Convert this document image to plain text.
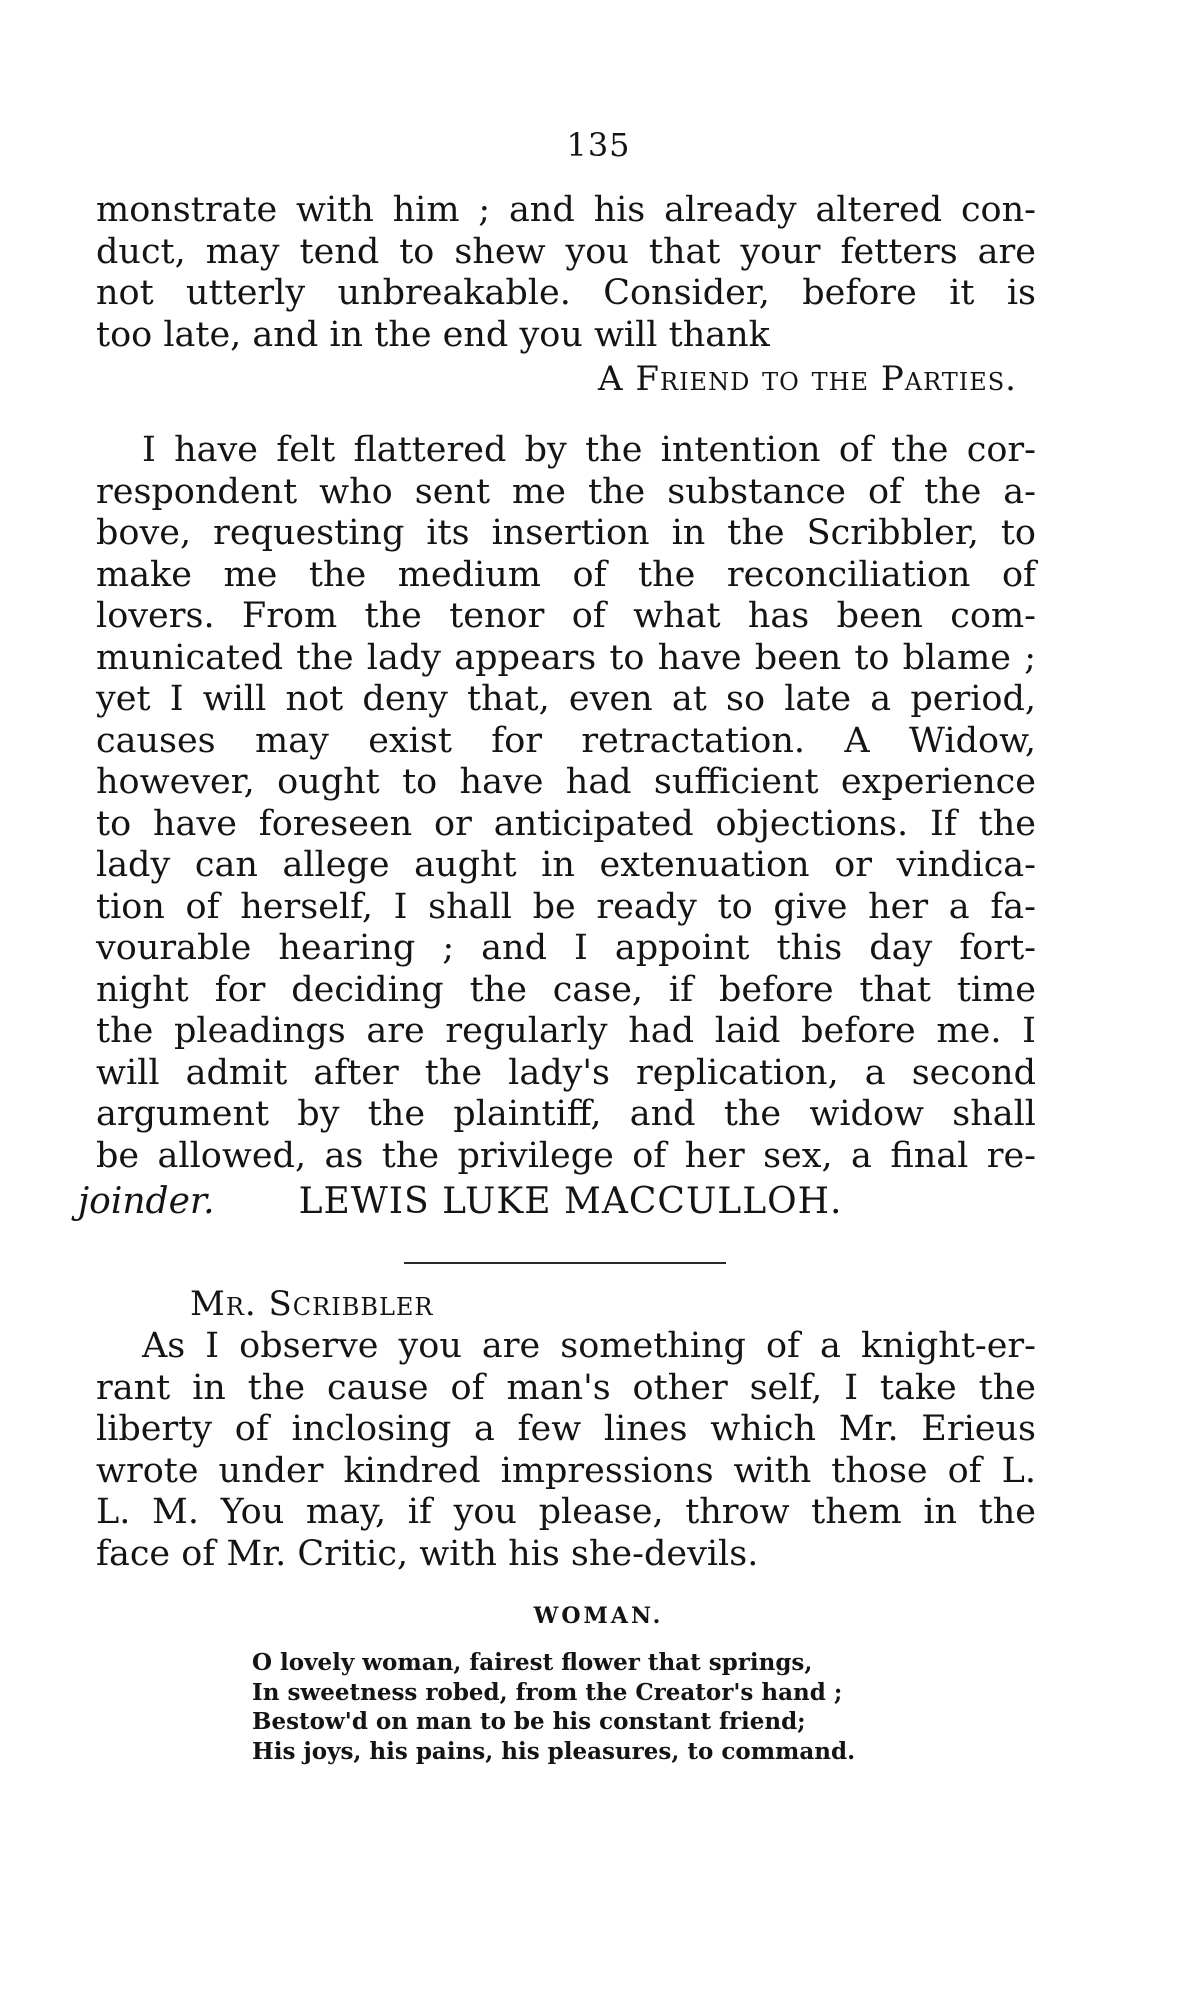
135
monstrate with him ; and his already altered con-
duct, may tend to shew you that your fetters are
not utterly unbreakable. Consider, before it is
too late, and in the end you will thank
A Friend to the Parties.
I have felt flattered by the intention of the cor-
respondent who sent me the substance of the a-
bove, requesting its insertion in the Scribbler, to
make me the medium of the reconciliation of
lovers. From the tenor of what has been com-
municated the lady appears to have been to blame ;
yet I will not deny that, even at so late a period,
causes may exist for retractation. A Widow,
however, ought to have had sufficient experience
to have foreseen or anticipated objections. If the
lady can allege aught in extenuation or vindica-
tion of herself, I shall be ready to give her a fa-
vourable hearing ; and I appoint this day fort-
night for deciding the case, if before that time
the pleadings are regularly had laid before me. I
will admit after the lady's replication, a second
argument by the plaintiff, and the widow shall
be allowed, as the privilege of her sex, a final re-
joinder. LEWIS LUKE MACCULLOH.
Mr. Scribbler
As I observe you are something of a knight-er-
rant in the cause of man's other self, I take the
liberty of inclosing a few lines which Mr. Erieus
wrote under kindred impressions with those of L.
L. M. You may, if you please, throw them in the
face of Mr. Critic, with his she-devils.
WOMAN.
O lovely woman, fairest flower that springs,
In sweetness robed, from the Creator's hand ;
Bestow'd on man to be his constant friend;
His joys, his pains, his pleasures, to command.
